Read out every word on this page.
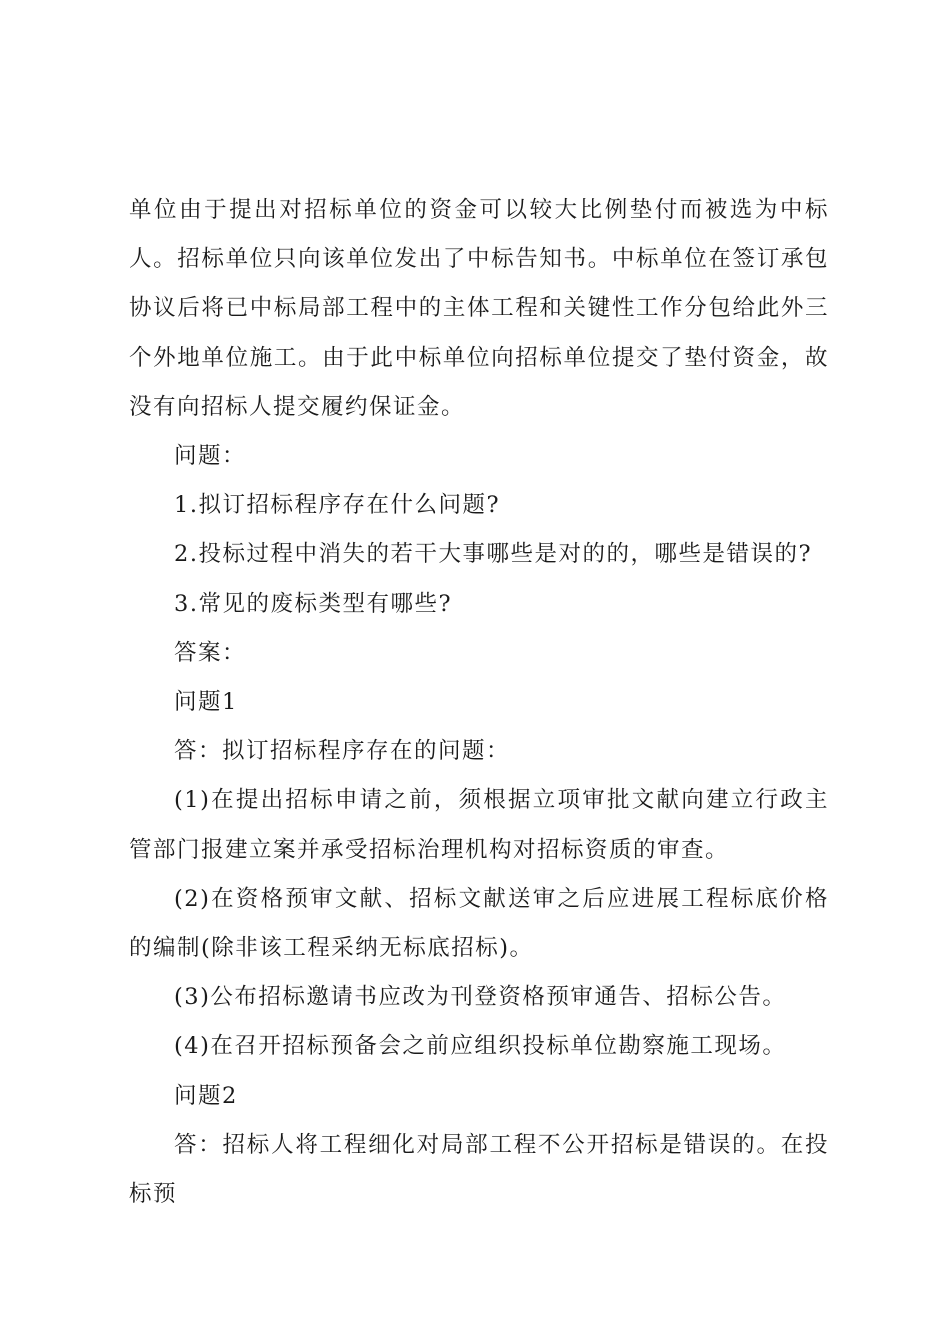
单位由于提出对招标单位的资金可以较大比例垫付而被选为中标人。招标单位只向该单位发出了中标告知书。中标单位在签订承包协议后将已中标局部工程中的主体工程和关键性工作分包给此外三个外地单位施工。由于此中标单位向招标单位提交了垫付资金，故没有向招标人提交履约保证金。

问题：

1.拟订招标程序存在什么问题?

2.投标过程中消失的若干大事哪些是对的的，哪些是错误的?

3.常见的废标类型有哪些?

答案：

问题1

答：拟订招标程序存在的问题：

(1)在提出招标申请之前，须根据立项审批文献向建立行政主管部门报建立案并承受招标治理机构对招标资质的审查。

(2)在资格预审文献、招标文献送审之后应进展工程标底价格的编制(除非该工程采纳无标底招标)。

(3)公布招标邀请书应改为刊登资格预审通告、招标公告。

(4)在召开招标预备会之前应组织投标单位勘察施工现场。

问题2

答：招标人将工程细化对局部工程不公开招标是错误的。在投标预
